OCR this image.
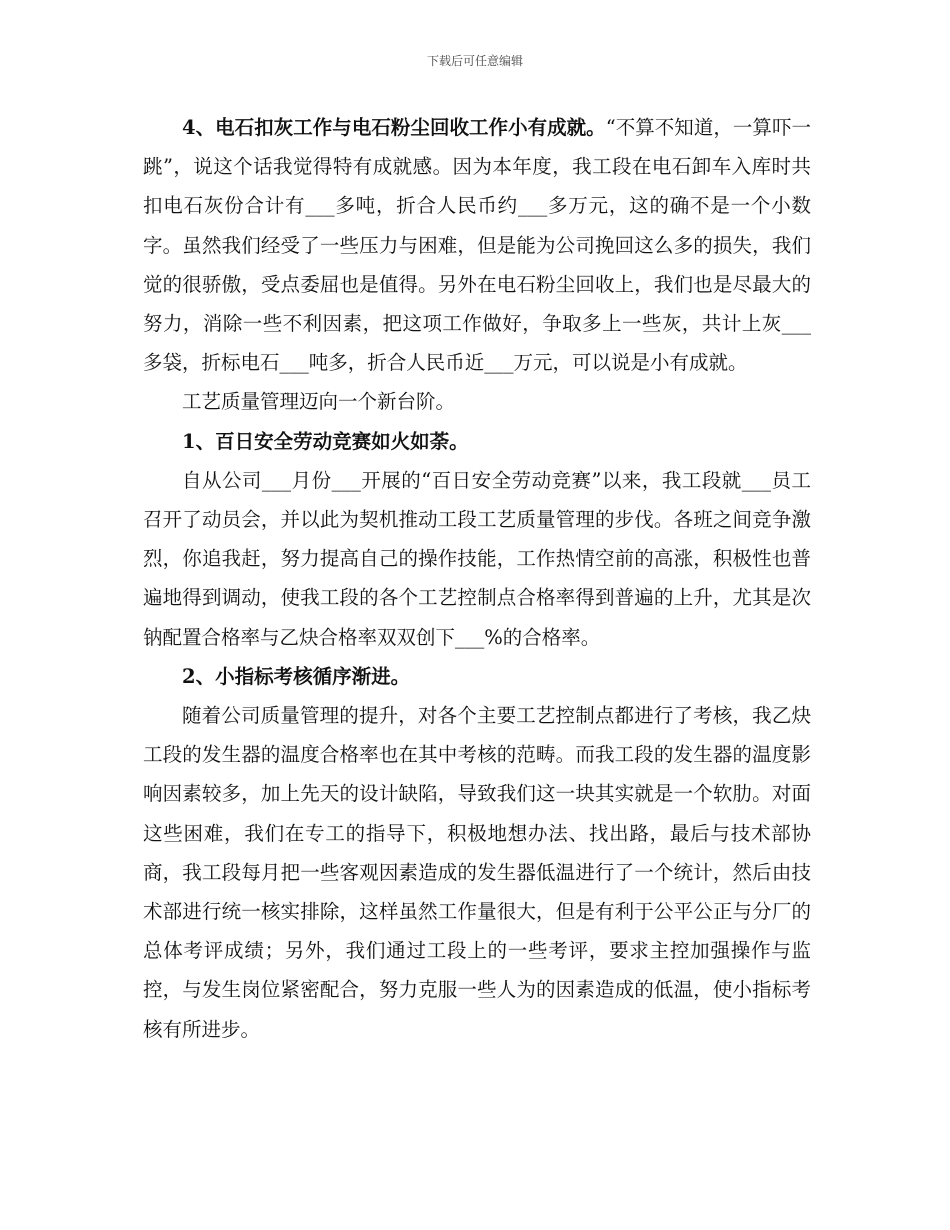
下载后可任意编辑

4、电石扣灰工作与电石粉尘回收工作小有成就。“不算不知道，一算吓一跳”，说这个话我觉得特有成就感。因为本年度，我工段在电石卸车入库时共扣电石灰份合计有___多吨，折合人民币约___多万元，这的确不是一个小数字。虽然我们经受了一些压力与困难，但是能为公司挽回这么多的损失，我们觉的很骄傲，受点委屈也是值得。另外在电石粉尘回收上，我们也是尽最大的努力，消除一些不利因素，把这项工作做好，争取多上一些灰，共计上灰___多袋，折标电石___吨多，折合人民币近___万元，可以说是小有成就。

工艺质量管理迈向一个新台阶。

1、百日安全劳动竞赛如火如荼。

自从公司___月份___开展的“百日安全劳动竞赛”以来，我工段就___员工召开了动员会，并以此为契机推动工段工艺质量管理的步伐。各班之间竞争激烈，你追我赶，努力提高自己的操作技能，工作热情空前的高涨，积极性也普遍地得到调动，使我工段的各个工艺控制点合格率得到普遍的上升，尤其是次钠配置合格率与乙炔合格率双双创下___%的合格率。

2、小指标考核循序渐进。

随着公司质量管理的提升，对各个主要工艺控制点都进行了考核，我乙炔工段的发生器的温度合格率也在其中考核的范畴。而我工段的发生器的温度影响因素较多，加上先天的设计缺陷，导致我们这一块其实就是一个软肋。对面这些困难，我们在专工的指导下，积极地想办法、找出路，最后与技术部协商，我工段每月把一些客观因素造成的发生器低温进行了一个统计，然后由技术部进行统一核实排除，这样虽然工作量很大，但是有利于公平公正与分厂的总体考评成绩；另外，我们通过工段上的一些考评，要求主控加强操作与监控，与发生岗位紧密配合，努力克服一些人为的因素造成的低温，使小指标考核有所进步。
